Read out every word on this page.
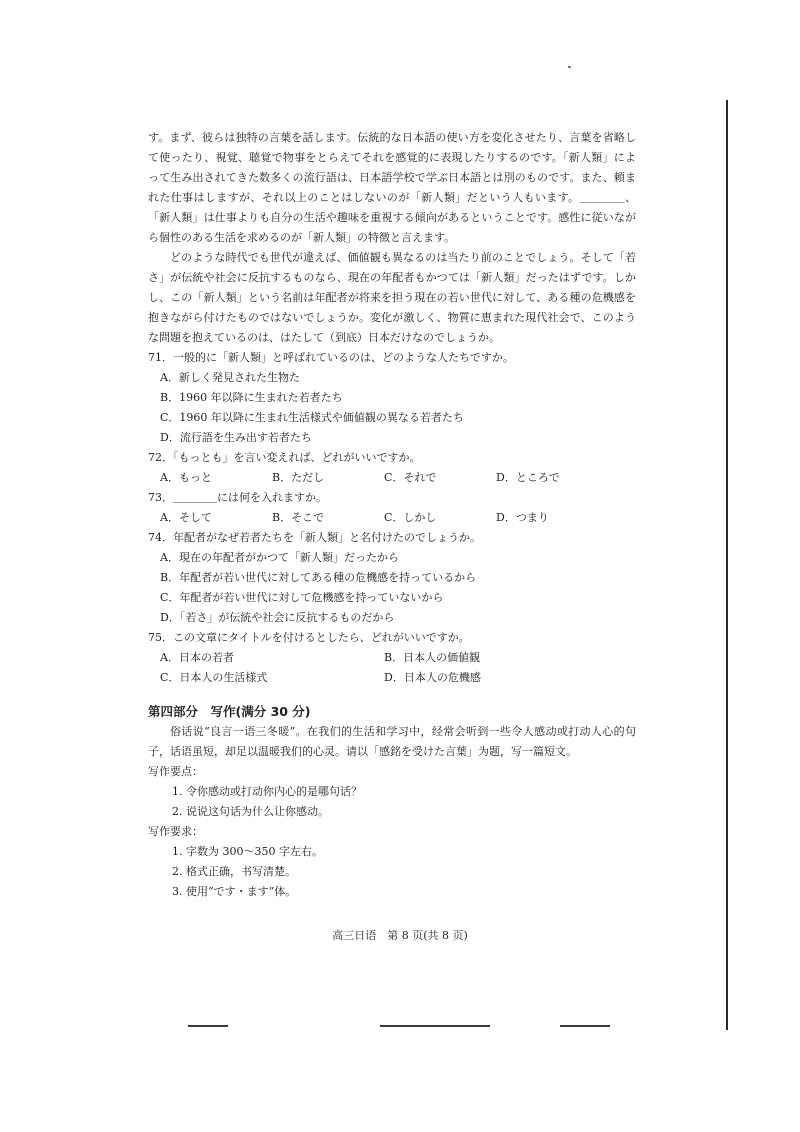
す。まず、彼らは独特の言葉を話します。伝統的な日本語の使い方を変化させたり、言葉を省略して使ったり、視覚、聴覚で物事をとらえてそれを感覚的に表現したりするのです。「新人類」によって生み出されてきた数多くの流行語は、日本語学校で学ぶ日本語とは別のものです。また、頼まれた仕事はしますが、それ以上のことはしないのが「新人類」だという人もいます。＿＿＿＿、「新人類」は仕事よりも自分の生活や趣味を重視する傾向があるということです。感性に従いながら個性のある生活を求めるのが「新人類」の特徴と言えます。

どのような時代でも世代が違えば、価値観も異なるのは当たり前のことでしょう。そして「若さ」が伝統や社会に反抗するものなら、現在の年配者もかつては「新人類」だったはずです。しかし、この「新人類」という名前は年配者が将来を担う現在の若い世代に対して、ある種の危機感を抱きながら付けたものではないでしょうか。変化が激しく、物質に恵まれた現代社会で、このような問題を抱えているのは、はたして（到底）日本だけなのでしょうか。

71．一般的に「新人類」と呼ばれているのは、どのような人たちですか。

A．新しく発見された生物た

B．1960 年以降に生まれた若者たち

C．1960 年以降に生まれ生活様式や価値観の異なる若者たち

D．流行語を生み出す若者たち

72．「もっとも」を言い変えれば、どれがいいですか。

A．もっと	B．ただし	C．それで	D．ところで

73．＿＿＿＿には何を入れますか。

A．そして	B．そこで	C．しかし	D．つまり

74．年配者がなぜ若者たちを「新人類」と名付けたのでしょうか。

A．現在の年配者がかつて「新人類」だったから

B．年配者が若い世代に対してある種の危機感を持っているから

C．年配者が若い世代に対して危機感を持っていないから

D．「若さ」が伝統や社会に反抗するものだから

75．この文章にタイトルを付けるとしたら、どれがいいですか。

A．日本の若者	B．日本人の価値観

C．日本人の生活様式	D．日本人の危機感

第四部分　写作(满分 30 分)

俗话说“良言一语三冬暖”。在我们的生活和学习中，经常会听到一些令人感动或打动人心的句子，话语虽短，却足以温暖我们的心灵。请以「感銘を受けた言葉」为题，写一篇短文。

写作要点：

1. 令你感动或打动你内心的是哪句话？

2. 说说这句话为什么让你感动。

写作要求：

1. 字数为 300～350 字左右。

2. 格式正确，书写清楚。

3. 使用“です・ます”体。

高三日语　第 8 页(共 8 页)
